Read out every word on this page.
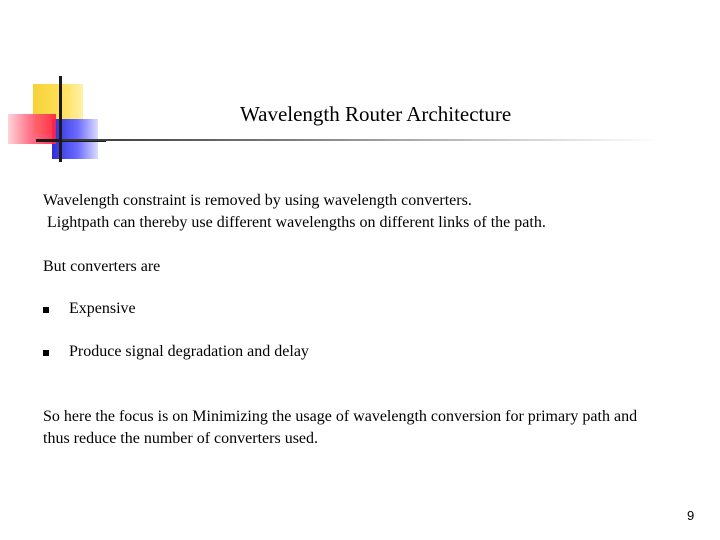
Wavelength Router Architecture
Wavelength constraint is removed by using wavelength converters.
Lightpath can thereby use different wavelengths on different links of the path.
But converters are
Expensive
Produce signal degradation and delay
So here the focus is on Minimizing the usage of wavelength conversion for primary path and
thus reduce the number of converters used.
9
